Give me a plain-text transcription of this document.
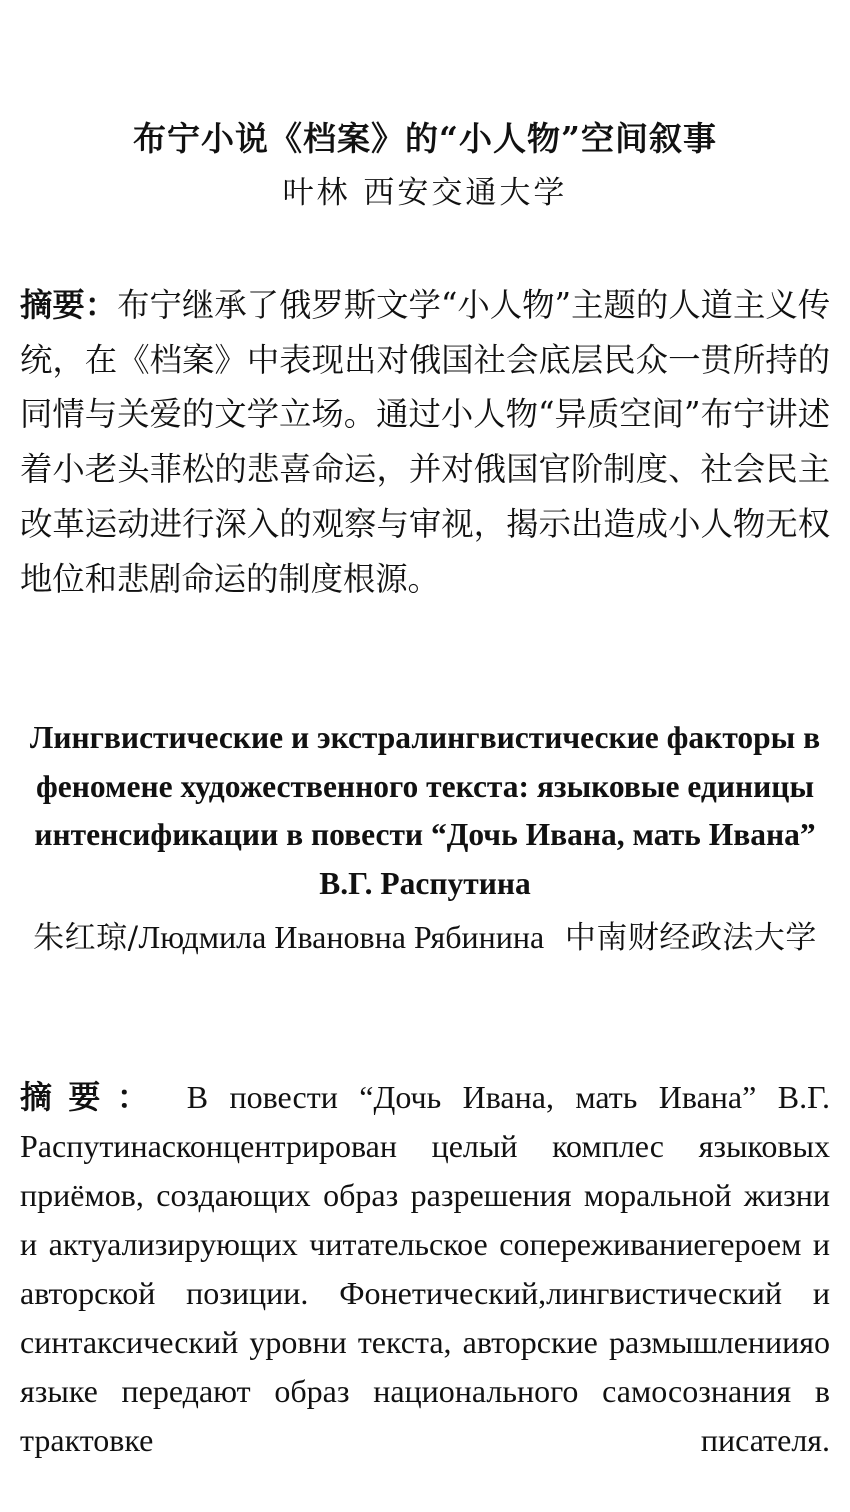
布宁小说《档案》的“小人物”空间叙事
叶林 西安交通大学
摘要：布宁继承了俄罗斯文学“小人物”主题的人道主义传统，在《档案》中表现出对俄国社会底层民众一贯所持的同情与关爱的文学立场。通过小人物“异质空间”布宁讲述着小老头菲松的悲喜命运，并对俄国官阶制度、社会民主改革运动进行深入的观察与审视，揭示出造成小人物无权地位和悲剧命运的制度根源。
Лингвистические и экстралингвистические факторы в феномене художественного текста: языковые единицы интенсификации в повести “Дочь Ивана, мать Ивана” В.Г. Распутина
朱红琼/Людмила Ивановна Рябинина 中南财经政法大学
摘要： В повести “Дочь Ивана, мать Ивана” В.Г. Распутинасконцентрирован целый комплес языковых приёмов, создающих образ разрешения моральной жизни и актуализирующих читательское сопереживаниегероем и авторской позиции. Фонетический,лингвистический и синтаксический уровни текста, авторские размышлениияо языке передают образ национального самосознания в трактовке писателя.
